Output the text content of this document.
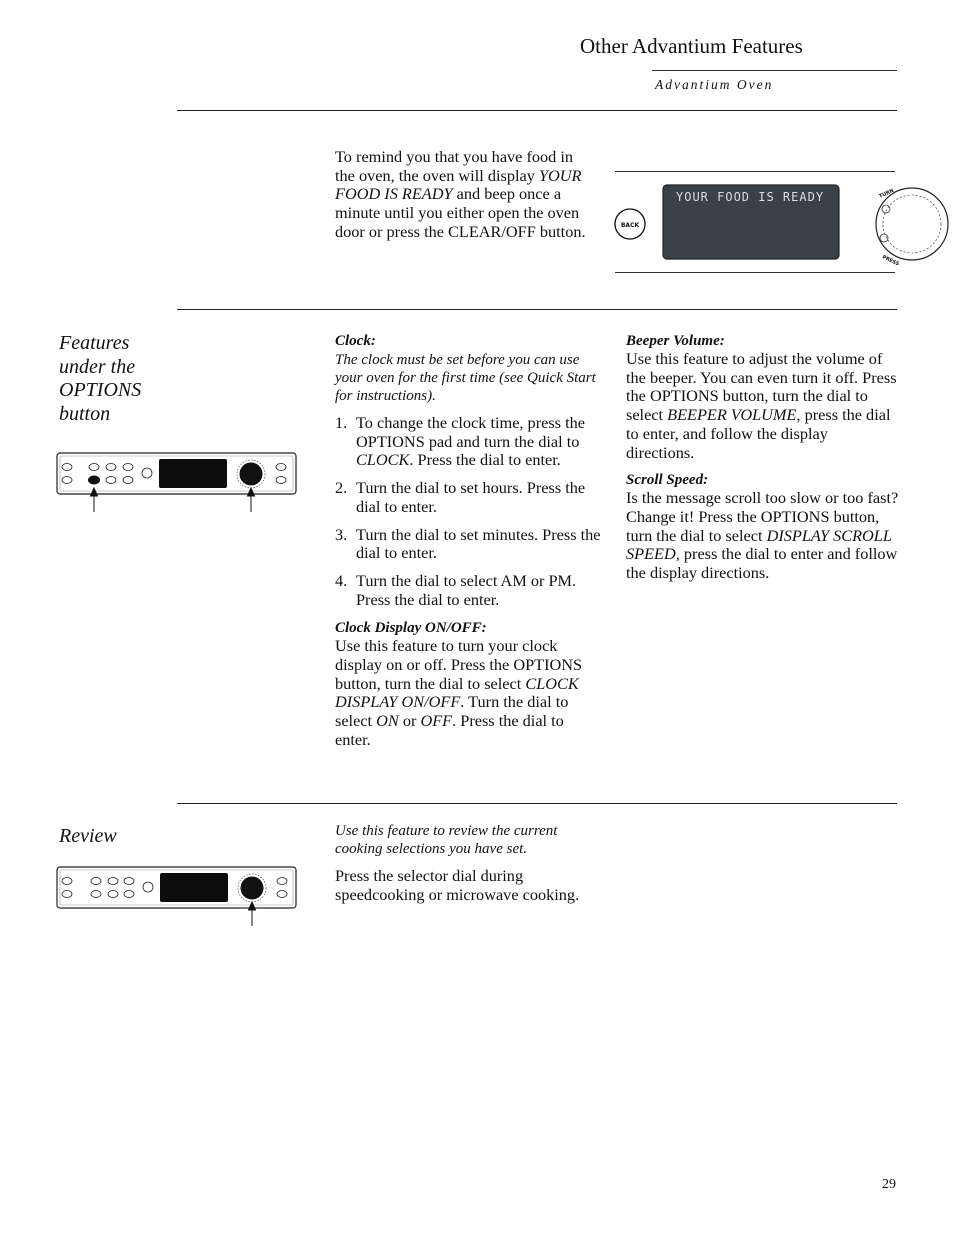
Other Advantium Features
Advantium Oven
To remind you that you have food in the oven, the oven will display YOUR FOOD IS READY and beep once a minute until you either open the oven door or press the CLEAR/OFF button.	BACK
YOUR FOOD IS READY	TURN
PRESS
Features under the OPTIONS button
Clock:
The clock must be set before you can use your oven for the first time (see Quick Start for instructions).
1. To change the clock time, press the OPTIONS pad and turn the dial to CLOCK. Press the dial to enter.
2. Turn the dial to set hours. Press the dial to enter.
3. Turn the dial to set minutes. Press the dial to enter.
4. Turn the dial to select AM or PM. Press the dial to enter.
Clock Display ON/OFF:
Use this feature to turn your clock display on or off. Press the OPTIONS button, turn the dial to select CLOCK DISPLAY ON/OFF. Turn the dial to select ON or OFF. Press the dial to enter.
Beeper Volume:
Use this feature to adjust the volume of the beeper. You can even turn it off. Press the OPTIONS button, turn the dial to select BEEPER VOLUME, press the dial to enter, and follow the display directions.
Scroll Speed:
Is the message scroll too slow or too fast? Change it! Press the OPTIONS button, turn the dial to select DISPLAY SCROLL SPEED, press the dial to enter and follow the display directions.
Review	Use this feature to review the current cooking selections you have set.
Press the selector dial during speedcooking or microwave cooking.
29
